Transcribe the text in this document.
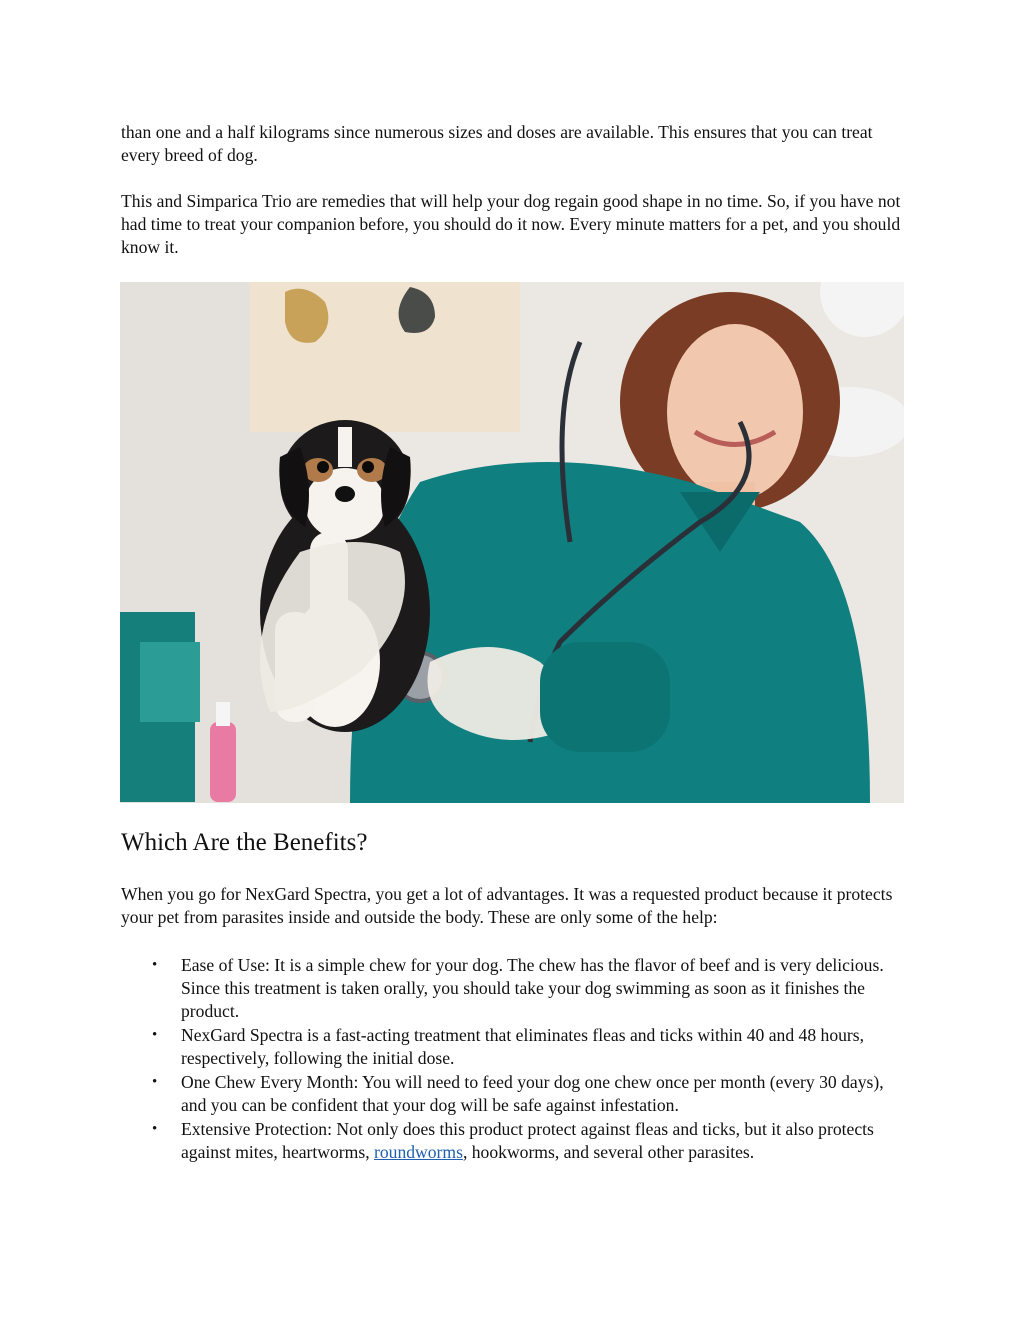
than one and a half kilograms since numerous sizes and doses are available. This ensures that you can treat every breed of dog.
This and Simparica Trio are remedies that will help your dog regain good shape in no time. So, if you have not had time to treat your companion before, you should do it now. Every minute matters for a pet, and you should know it.
Which Are the Benefits?
When you go for NexGard Spectra, you get a lot of advantages. It was a requested product because it protects your pet from parasites inside and outside the body. These are only some of the help:
• Ease of Use: It is a simple chew for your dog. The chew has the flavor of beef and is very delicious. Since this treatment is taken orally, you should take your dog swimming as soon as it finishes the product.
• NexGard Spectra is a fast-acting treatment that eliminates fleas and ticks within 40 and 48 hours, respectively, following the initial dose.
• One Chew Every Month: You will need to feed your dog one chew once per month (every 30 days), and you can be confident that your dog will be safe against infestation.
• Extensive Protection: Not only does this product protect against fleas and ticks, but it also protects against mites, heartworms, roundworms, hookworms, and several other parasites.
